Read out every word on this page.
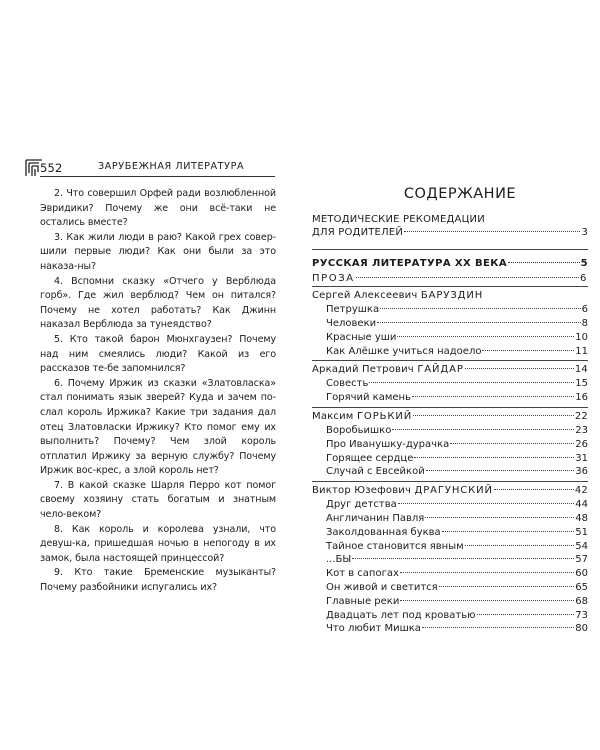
552	ЗАРУБЕЖНАЯ ЛИТЕРАТУРА
2. Что совершил Орфей ради возлюбленной Эвридики? Почему же они всё-таки не остались вместе?
3. Как жили люди в раю? Какой грех совер-шили первые люди? Как они были за это наказа-ны?
4. Вспомни сказку «Отчего у Верблюда горб». Где жил верблюд? Чем он питался? Почему не хотел работать? Как Джинн наказал Верблюда за тунеядство?
5. Кто такой барон Мюнхгаузен? Почему над ним смеялись люди? Какой из его рассказов те-бе запомнился?
6. Почему Иржик из сказки «Златовласка» стал понимать язык зверей? Куда и зачем по-слал король Иржика? Какие три задания дал отец Златовласки Иржику? Кто помог ему их выполнить? Почему? Чем злой король отплатил Иржику за верную службу? Почему Иржик вос-крес, а злой король нет?
7. В какой сказке Шарля Перро кот помог своему хозяину стать богатым и знатным чело-веком?
8. Как король и королева узнали, что девуш-ка, пришедшая ночью в непогоду в их замок, была настоящей принцессой?
9. Кто такие Бременские музыканты? Почему разбойники испугались их?
СОДЕРЖАНИЕ
МЕТОДИЧЕСКИЕ РЕКОМЕДАЦИИ
ДЛЯ РОДИТЕЛЕЙ	3
РУССКАЯ ЛИТЕРАТУРА XX ВЕКА	5
ПРОЗА	6
Сергей Алексеевич БАРУЗДИН
Петрушка	6
Человеки	8
Красные уши	10
Как Алёшке учиться надоело	11
Аркадий Петрович ГАЙДАР	14
Совесть	15
Горячий камень	16
Максим ГОРЬКИЙ	22
Воробьишко	23
Про Иванушку-дурачка	26
Горящее сердце	31
Случай с Евсейкой	36
Виктор Юзефович ДРАГУНСКИЙ	42
Друг детства	44
Англичанин Павля	48
Заколдованная буква	51
Тайное становится явным	54
...БЫ	57
Кот в сапогах	60
Он живой и светится	65
Главные реки	68
Двадцать лет под кроватью	73
Что любит Мишка	80
